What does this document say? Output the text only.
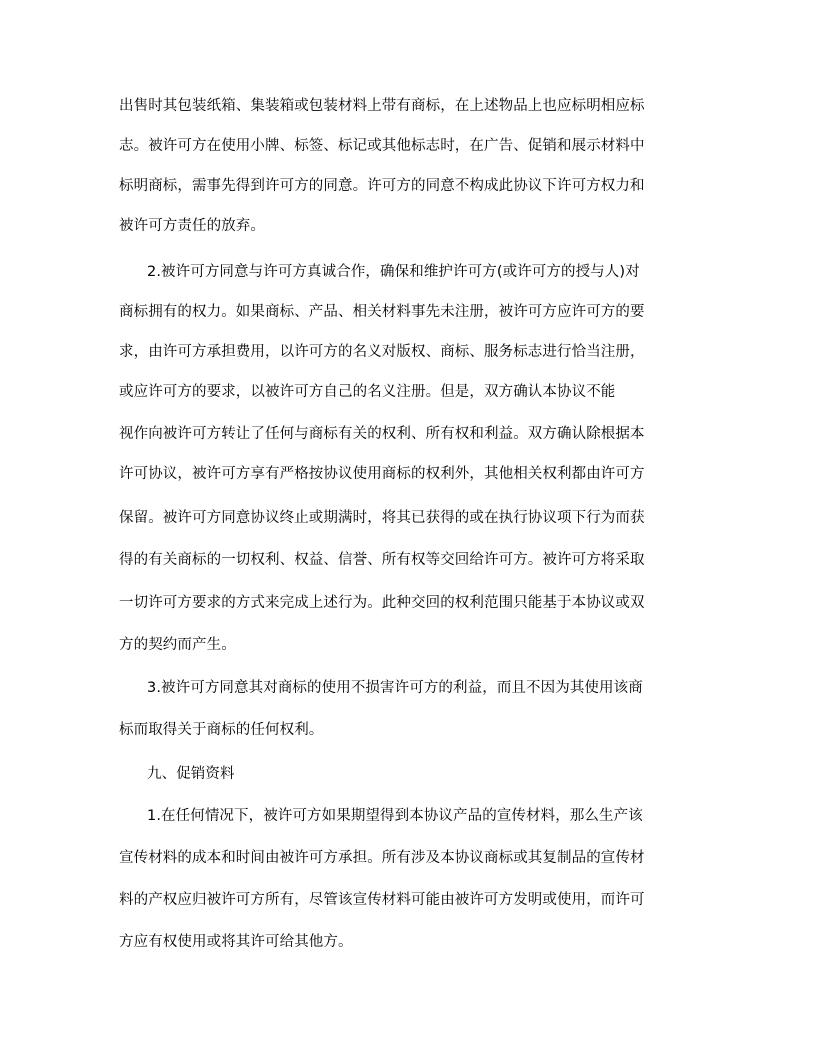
出售时其包装纸箱、集装箱或包装材料上带有商标，在上述物品上也应标明相应标
志。被许可方在使用小牌、标签、标记或其他标志时，在广告、促销和展示材料中
标明商标，需事先得到许可方的同意。许可方的同意不构成此协议下许可方权力和
被许可方责任的放弃。
2.被许可方同意与许可方真诚合作，确保和维护许可方(或许可方的授与人)对
商标拥有的权力。如果商标、产品、相关材料事先未注册，被许可方应许可方的要
求，由许可方承担费用，以许可方的名义对版权、商标、服务标志进行恰当注册，
或应许可方的要求，以被许可方自己的名义注册。但是，双方确认本协议不能
视作向被许可方转让了任何与商标有关的权利、所有权和利益。双方确认除根据本
许可协议，被许可方享有严格按协议使用商标的权利外，其他相关权利都由许可方
保留。被许可方同意协议终止或期满时，将其已获得的或在执行协议项下行为而获
得的有关商标的一切权利、权益、信誉、所有权等交回给许可方。被许可方将采取
一切许可方要求的方式来完成上述行为。此种交回的权利范围只能基于本协议或双
方的契约而产生。
3.被许可方同意其对商标的使用不损害许可方的利益，而且不因为其使用该商
标而取得关于商标的任何权利。
九、促销资料
1.在任何情况下，被许可方如果期望得到本协议产品的宣传材料，那么生产该
宣传材料的成本和时间由被许可方承担。所有涉及本协议商标或其复制品的宣传材
料的产权应归被许可方所有，尽管该宣传材料可能由被许可方发明或使用，而许可
方应有权使用或将其许可给其他方。
